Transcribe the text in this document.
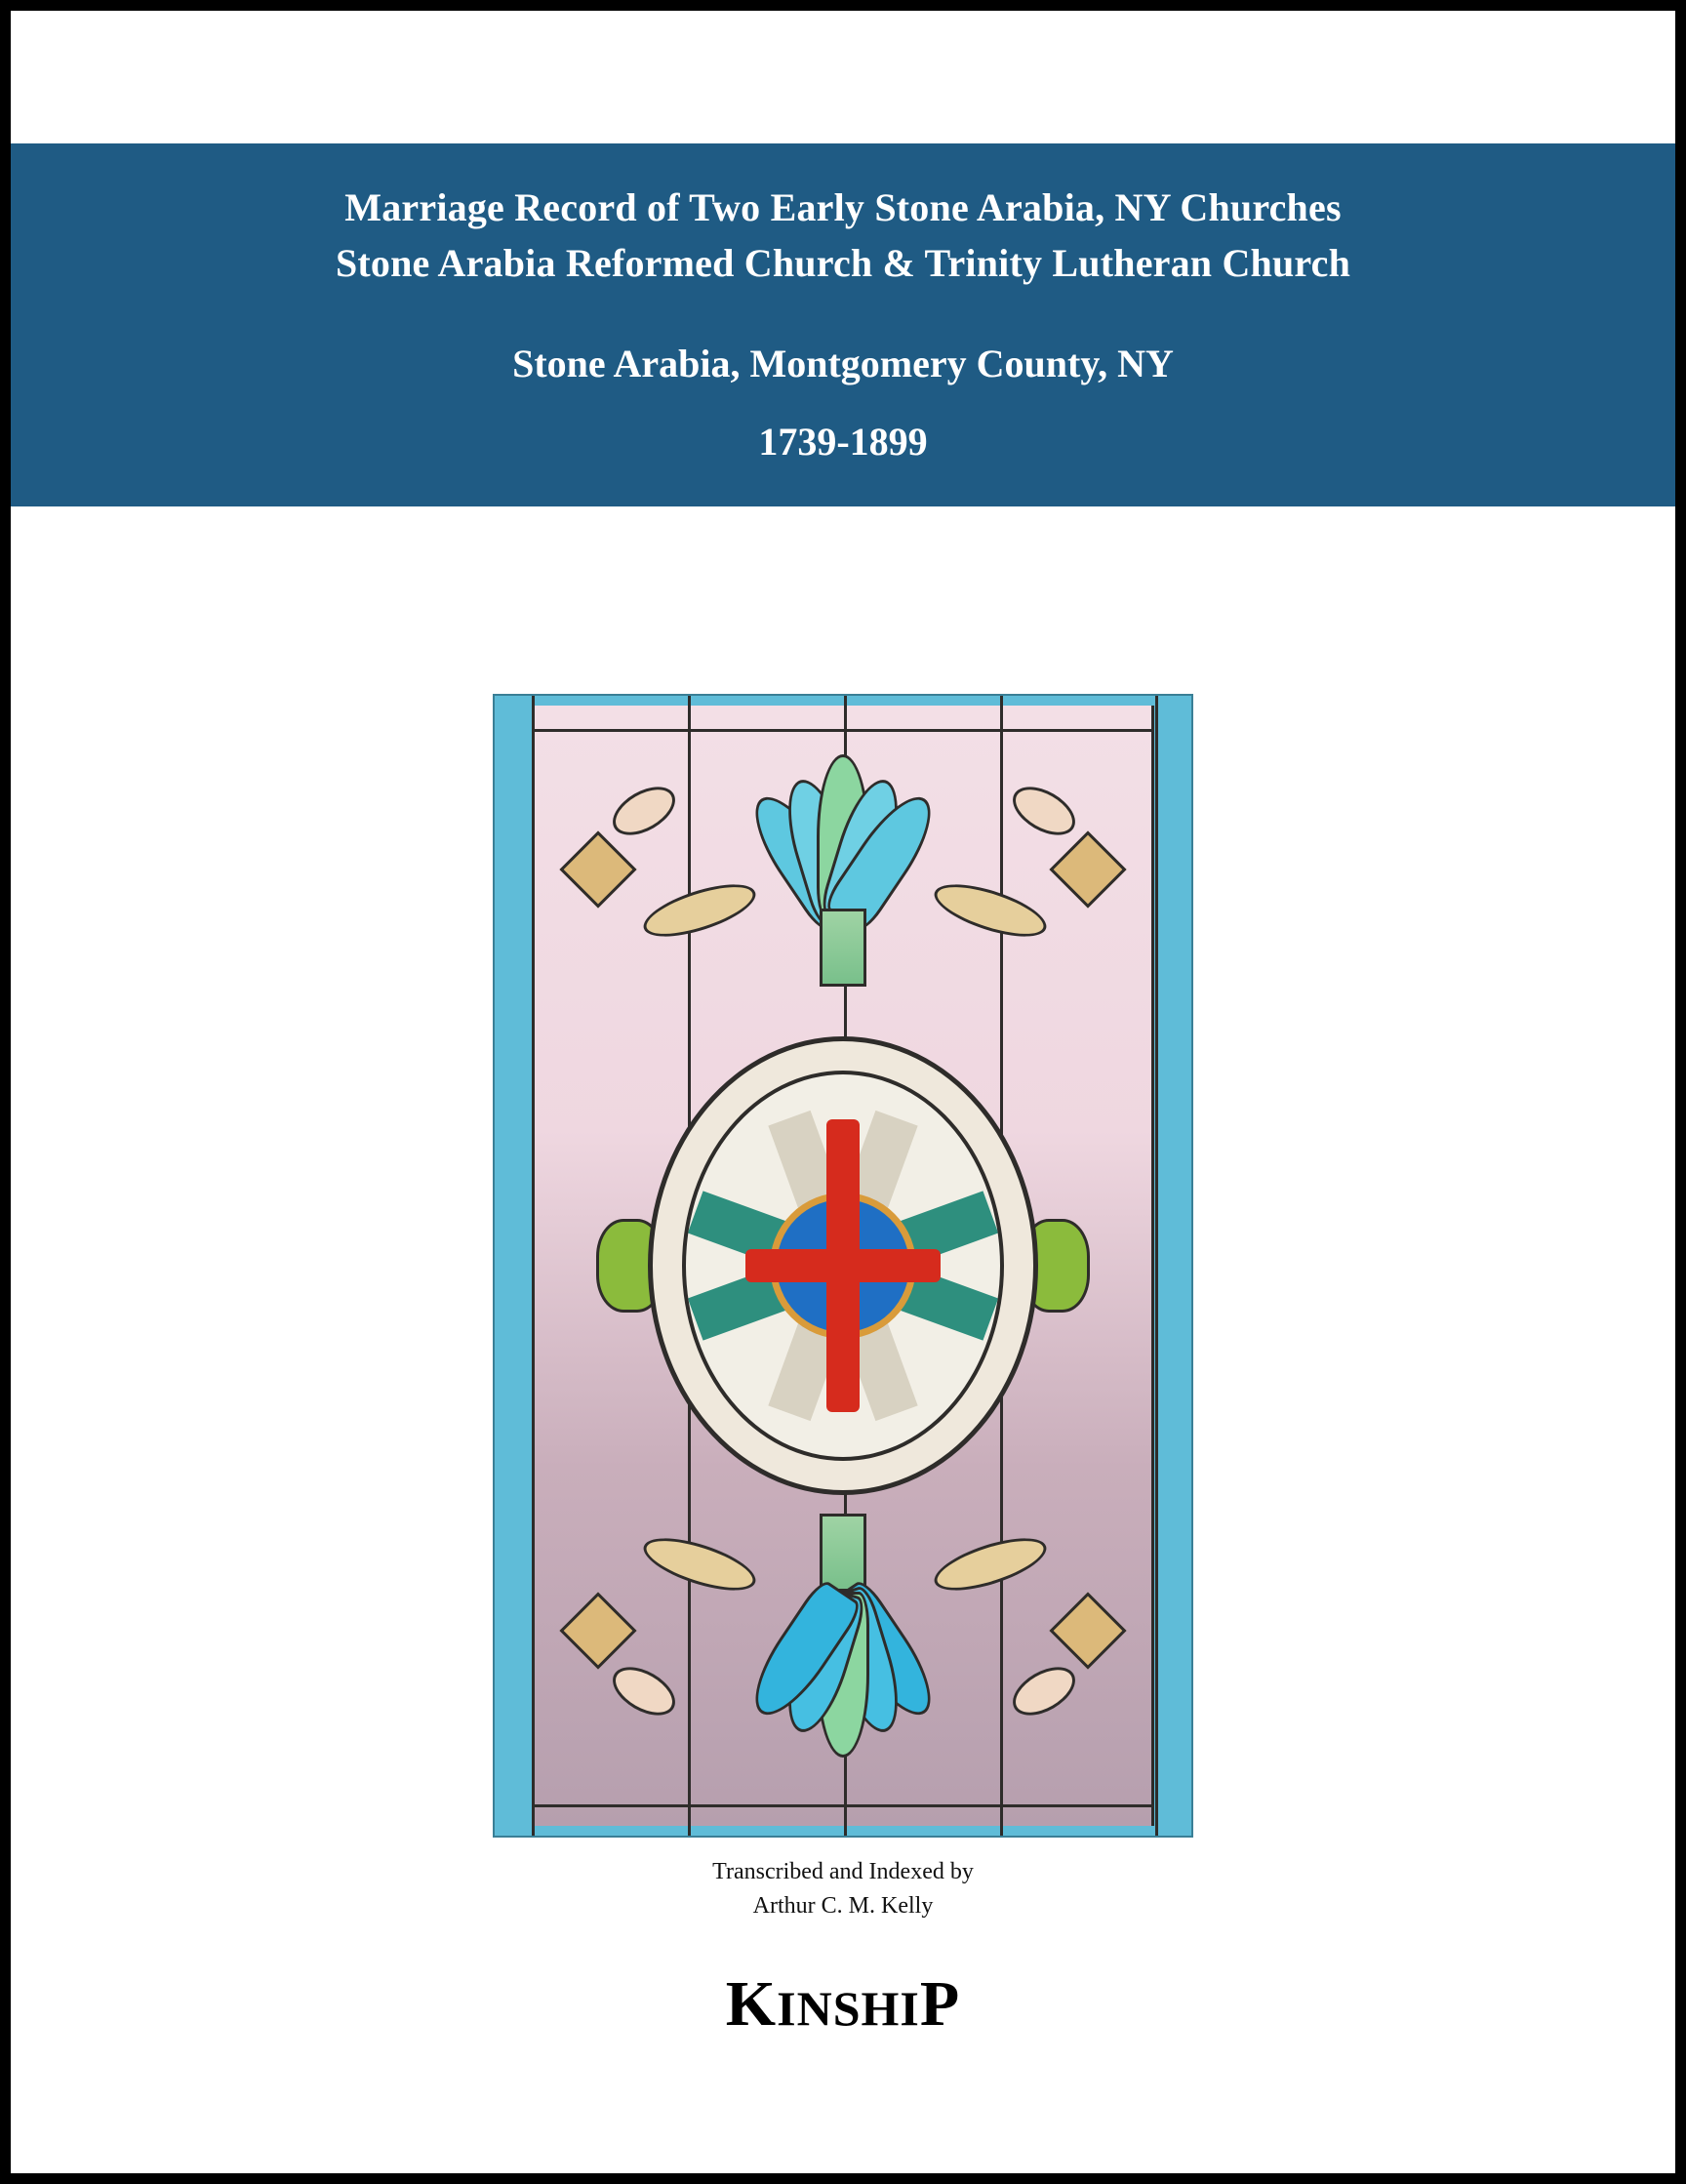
Marriage Record of Two Early Stone Arabia, NY Churches
Stone Arabia Reformed Church & Trinity Lutheran Church
Stone Arabia, Montgomery County, NY
1739-1899
Transcribed and Indexed by
Arthur C. M. Kelly
KINSHIP
